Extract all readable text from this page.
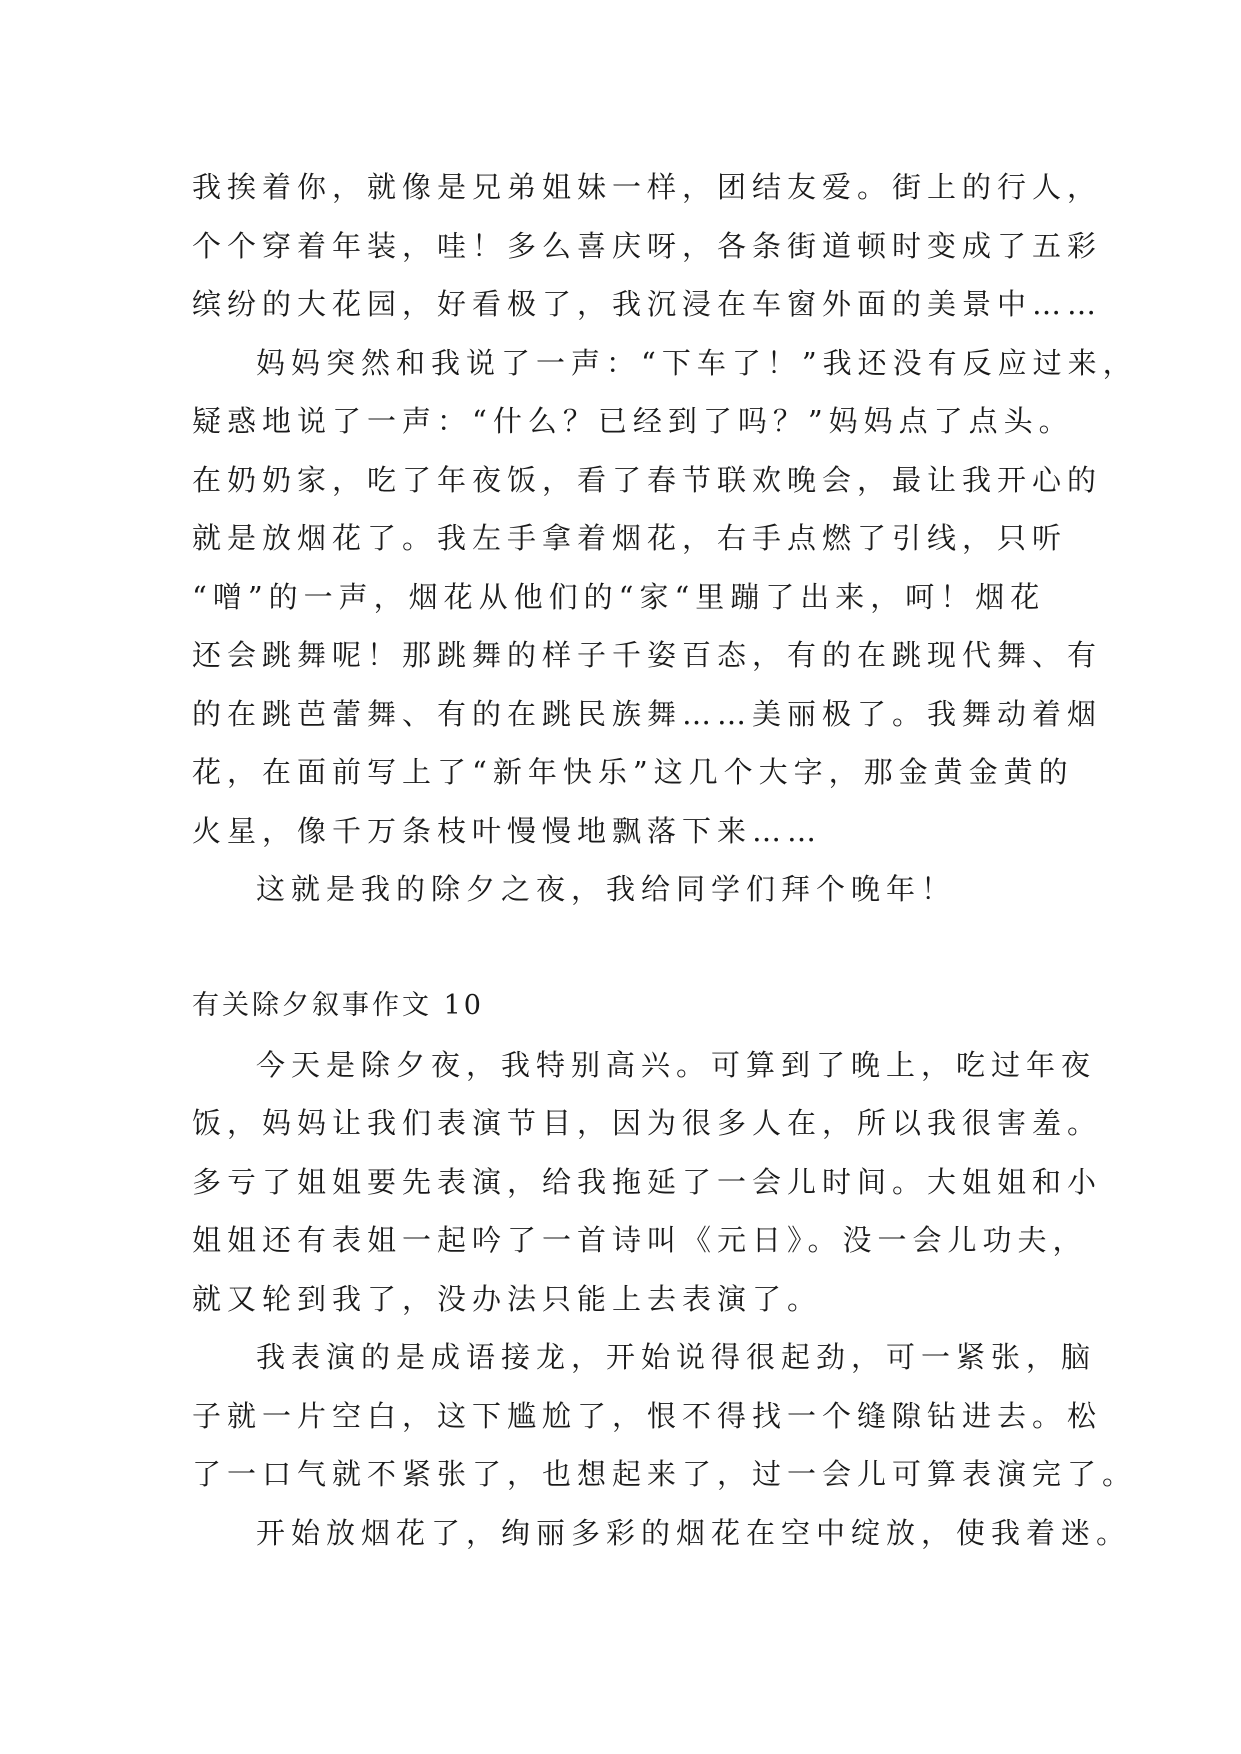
我挨着你，就像是兄弟姐妹一样，团结友爱。街上的行人，
个个穿着年装，哇！多么喜庆呀，各条街道顿时变成了五彩
缤纷的大花园，好看极了，我沉浸在车窗外面的美景中……
妈妈突然和我说了一声：“下车了！”我还没有反应过来，
疑惑地说了一声：“什么？已经到了吗？”妈妈点了点头。
在奶奶家，吃了年夜饭，看了春节联欢晚会，最让我开心的
就是放烟花了。我左手拿着烟花，右手点燃了引线，只听
“噌”的一声，烟花从他们的“家“里蹦了出来，呵！烟花
还会跳舞呢！那跳舞的样子千姿百态，有的在跳现代舞、有
的在跳芭蕾舞、有的在跳民族舞……美丽极了。我舞动着烟
花，在面前写上了“新年快乐”这几个大字，那金黄金黄的
火星，像千万条枝叶慢慢地飘落下来……
这就是我的除夕之夜，我给同学们拜个晚年！
有关除夕叙事作文 10
今天是除夕夜，我特别高兴。可算到了晚上，吃过年夜
饭，妈妈让我们表演节目，因为很多人在，所以我很害羞。
多亏了姐姐要先表演，给我拖延了一会儿时间。大姐姐和小
姐姐还有表姐一起吟了一首诗叫《元日》。没一会儿功夫，
就又轮到我了，没办法只能上去表演了。
我表演的是成语接龙，开始说得很起劲，可一紧张，脑
子就一片空白，这下尴尬了，恨不得找一个缝隙钻进去。松
了一口气就不紧张了，也想起来了，过一会儿可算表演完了。
开始放烟花了，绚丽多彩的烟花在空中绽放，使我着迷。
